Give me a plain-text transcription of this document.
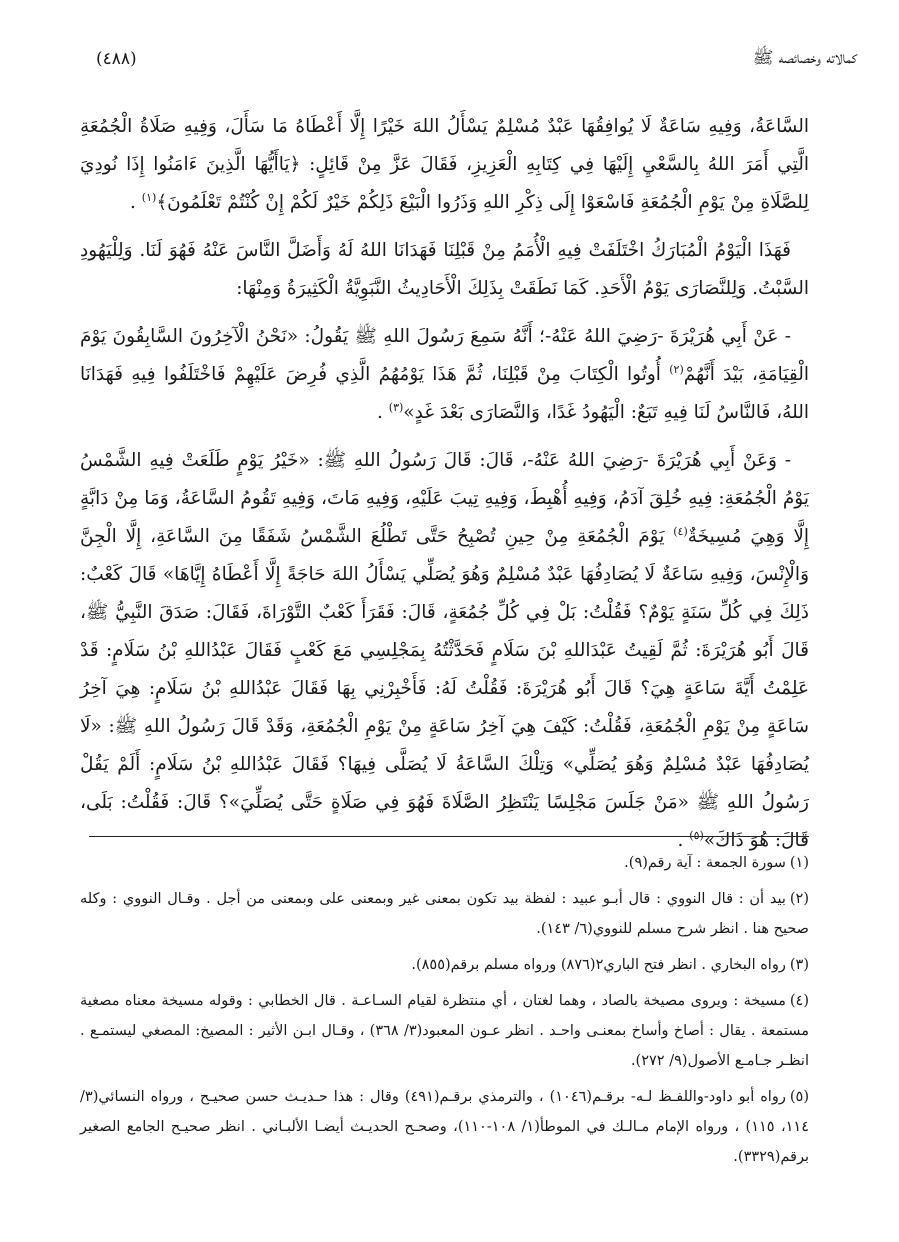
كمالاته وخصائصه ﷺ
(٤٨٨)

السَّاعَةُ، وَفِيهِ سَاعَةٌ لَا يُوافِقُهَا عَبْدٌ مُسْلِمٌ يَسْأَلُ اللهَ خَيْرًا إِلَّا أَعْطَاهُ مَا سَأَلَ، وَفِيهِ صَلَاةُ الْجُمُعَةِ الَّتِي أَمَرَ اللهُ بِالسَّعْيِ إِلَيْهَا فِي كِتَابِهِ الْعَزِيزِ، فَقَالَ عَزَّ مِنْ قَائِلٍ: ﴿يَاأَيُّهَا الَّذِينَ ءَامَنُوا إِذَا نُودِيَ لِلصَّلَاةِ مِنْ يَوْمِ الْجُمُعَةِ فَاسْعَوْا إِلَى ذِكْرِ اللهِ وَذَرُوا الْبَيْعَ ذَلِكُمْ خَيْرٌ لَكُمْ إِنْ كُنْتُمْ تَعْلَمُونَ﴾$^{(١)}$ .

فَهَذَا الْيَوْمُ الْمُبَارَكُ اخْتَلَفَتْ فِيهِ الْأُمَمُ مِنْ قَبْلِنَا فَهَدَانَا اللهُ لَهُ وَأَضَلَّ النَّاسَ عَنْهُ فَهُوَ لَنَا. وَلِلْيَهُودِ السَّبْتُ. وَلِلنَّصَارَى يَوْمُ الْأَحَدِ. كَمَا نَطَقَتْ بِذَلِكَ الْأَحَادِيثُ النَّبَوِيَّةُ الْكَثِيرَةُ وَمِنْهَا:

- عَنْ أَبِي هُرَيْرَةَ -رَضِيَ اللهُ عَنْهُ-؛ أَنَّهُ سَمِعَ رَسُولَ اللهِ ﷺ يَقُولُ: «نَحْنُ الْآخِرُونَ السَّابِقُونَ يَوْمَ الْقِيَامَةِ، بَيْدَ أَنَّهُمْ$^{(٢)}$ أُوتُوا الْكِتَابَ مِنْ قَبْلِنَا، ثُمَّ هَذَا يَوْمُهُمُ الَّذِي فُرِضَ عَلَيْهِمْ فَاخْتَلَفُوا فِيهِ فَهَدَانَا اللهُ، فَالنَّاسُ لَنَا فِيهِ تَبَعٌ: الْيَهُودُ غَدًا، وَالنَّصَارَى بَعْدَ غَدٍ»$^{(٣)}$ .

- وَعَنْ أَبِي هُرَيْرَةَ -رَضِيَ اللهُ عَنْهُ-، قَالَ: قَالَ رَسُولُ اللهِ ﷺ: «خَيْرُ يَوْمٍ طَلَعَتْ فِيهِ الشَّمْسُ يَوْمُ الْجُمُعَةِ: فِيهِ خُلِقَ آدَمُ، وَفِيهِ أُهْبِطَ، وَفِيهِ تِيبَ عَلَيْهِ، وَفِيهِ مَاتَ، وَفِيهِ تَقُومُ السَّاعَةُ، وَمَا مِنْ دَابَّةٍ إِلَّا وَهِيَ مُسِيخَةٌ$^{(٤)}$ يَوْمَ الْجُمُعَةِ مِنْ حِينِ تُصْبِحُ حَتَّى تَطْلُعَ الشَّمْسُ شَفَقًا مِنَ السَّاعَةِ، إِلَّا الْجِنَّ وَالْإِنْسَ، وَفِيهِ سَاعَةٌ لَا يُصَادِفُهَا عَبْدٌ مُسْلِمٌ وَهُوَ يُصَلِّي يَسْأَلُ اللهَ حَاجَةً إِلَّا أَعْطَاهُ إِيَّاهَا» قَالَ كَعْبٌ: ذَلِكَ فِي كُلِّ سَنَةٍ يَوْمٌ؟ فَقُلْتُ: بَلْ فِي كُلِّ جُمُعَةٍ، قَالَ: فَقَرَأَ كَعْبٌ التَّوْرَاةَ، فَقَالَ: صَدَقَ النَّبِيُّ ﷺ، قَالَ أَبُو هُرَيْرَةَ: ثُمَّ لَقِيتُ عَبْدَاللهِ بْنَ سَلَامٍ فَحَدَّثْتُهُ بِمَجْلِسِي مَعَ كَعْبٍ فَقَالَ عَبْدُاللهِ بْنُ سَلَامٍ: قَدْ عَلِمْتُ أَيَّةَ سَاعَةٍ هِيَ؟ قَالَ أَبُو هُرَيْرَةَ: فَقُلْتُ لَهُ: فَأَخْبِرْنِي بِهَا فَقَالَ عَبْدُاللهِ بْنُ سَلَامٍ: هِيَ آخِرُ سَاعَةٍ مِنْ يَوْمِ الْجُمُعَةِ، فَقُلْتُ: كَيْفَ هِيَ آخِرُ سَاعَةٍ مِنْ يَوْمِ الْجُمُعَةِ، وَقَدْ قَالَ رَسُولُ اللهِ ﷺ: «لَا يُصَادِفُهَا عَبْدٌ مُسْلِمٌ وَهُوَ يُصَلِّي» وَتِلْكَ السَّاعَةُ لَا يُصَلَّى فِيهَا؟ فَقَالَ عَبْدُاللهِ بْنُ سَلَامٍ: أَلَمْ يَقُلْ رَسُولُ اللهِ ﷺ «مَنْ جَلَسَ مَجْلِسًا يَنْتَظِرُ الصَّلَاةَ فَهُوَ فِي صَلَاةٍ حَتَّى يُصَلِّيَ»؟ قَالَ: فَقُلْتُ: بَلَى، قَالَ: هُوَ ذَاكَ»$^{(٥)}$ .

(١)سورة الجمعة : آية رقم(٩).
(٢)بيد أن : قال النووي : قال أبـو عبيد : لفظة بيد تكون بمعنى غير وبمعنى على وبمعنى من أجل . وقـال النووي : وكله صحيح هنا . انظر شرح مسلم للنووي(٦/ ١٤٣).
(٣)رواه البخاري . انظر فتح الباري٢(٨٧٦) ورواه مسلم برقم(٨٥٥).
(٤)مسيخة : ويروى مصيخة بالصاد ، وهما لغتان ، أي منتظرة لقيام السـاعـة . قال الخطابي : وقوله مسيخة معناه مصغية مستمعة . يقال : أصاخ وأساخ بمعنـى واحـد . انظر عـون المعبود(٣/ ٣٦٨) ، وقـال ابـن الأثير : المصيخ: المصغي ليستمـع . انظـر جـامـع الأصول(٩/ ٢٧٢).
(٥)رواه أبو داود-واللفـظ لـه- برقـم(١٠٤٦) ، والترمذي برقـم(٤٩١) وقال : هذا حـديـث حسن صحيـح ، ورواه النسائي(٣/ ١١٤، ١١٥) ، ورواه الإمام مـالـك في الموطأ(١/ ١٠٨-١١٠)، وصحـح الحديـث أيضـا الألبـاني . انظر صحيـح الجامع الصغير برقم(٣٣٢٩).
